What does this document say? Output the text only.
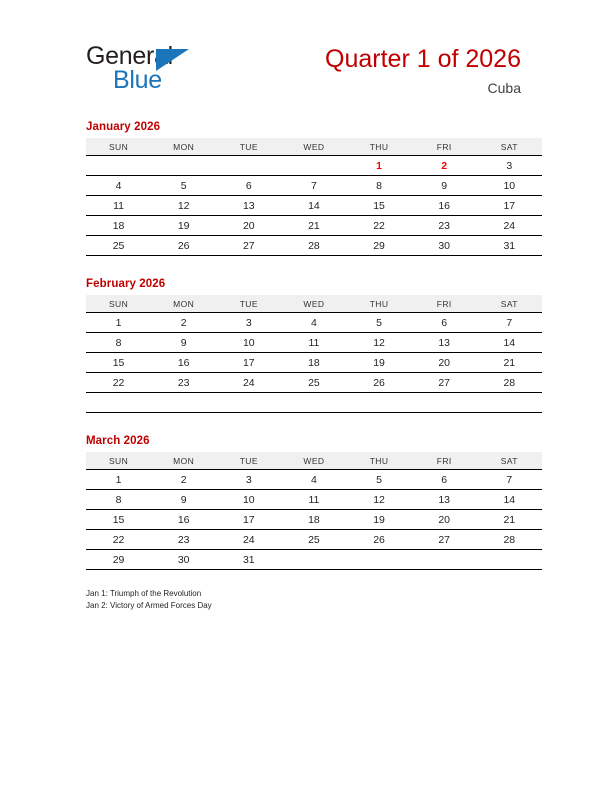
General
Blue
Quarter 1 of 2026
Cuba
January 2026
SUN	MON	TUE	WED	THU	FRI	SAT
				1	2	3
4	5	6	7	8	9	10
11	12	13	14	15	16	17
18	19	20	21	22	23	24
25	26	27	28	29	30	31
February 2026
SUN	MON	TUE	WED	THU	FRI	SAT
1	2	3	4	5	6	7
8	9	10	11	12	13	14
15	16	17	18	19	20	21
22	23	24	25	26	27	28

March 2026
SUN	MON	TUE	WED	THU	FRI	SAT
1	2	3	4	5	6	7
8	9	10	11	12	13	14
15	16	17	18	19	20	21
22	23	24	25	26	27	28
29	30	31				
Jan 1: Triumph of the Revolution
Jan 2: Victory of Armed Forces Day
